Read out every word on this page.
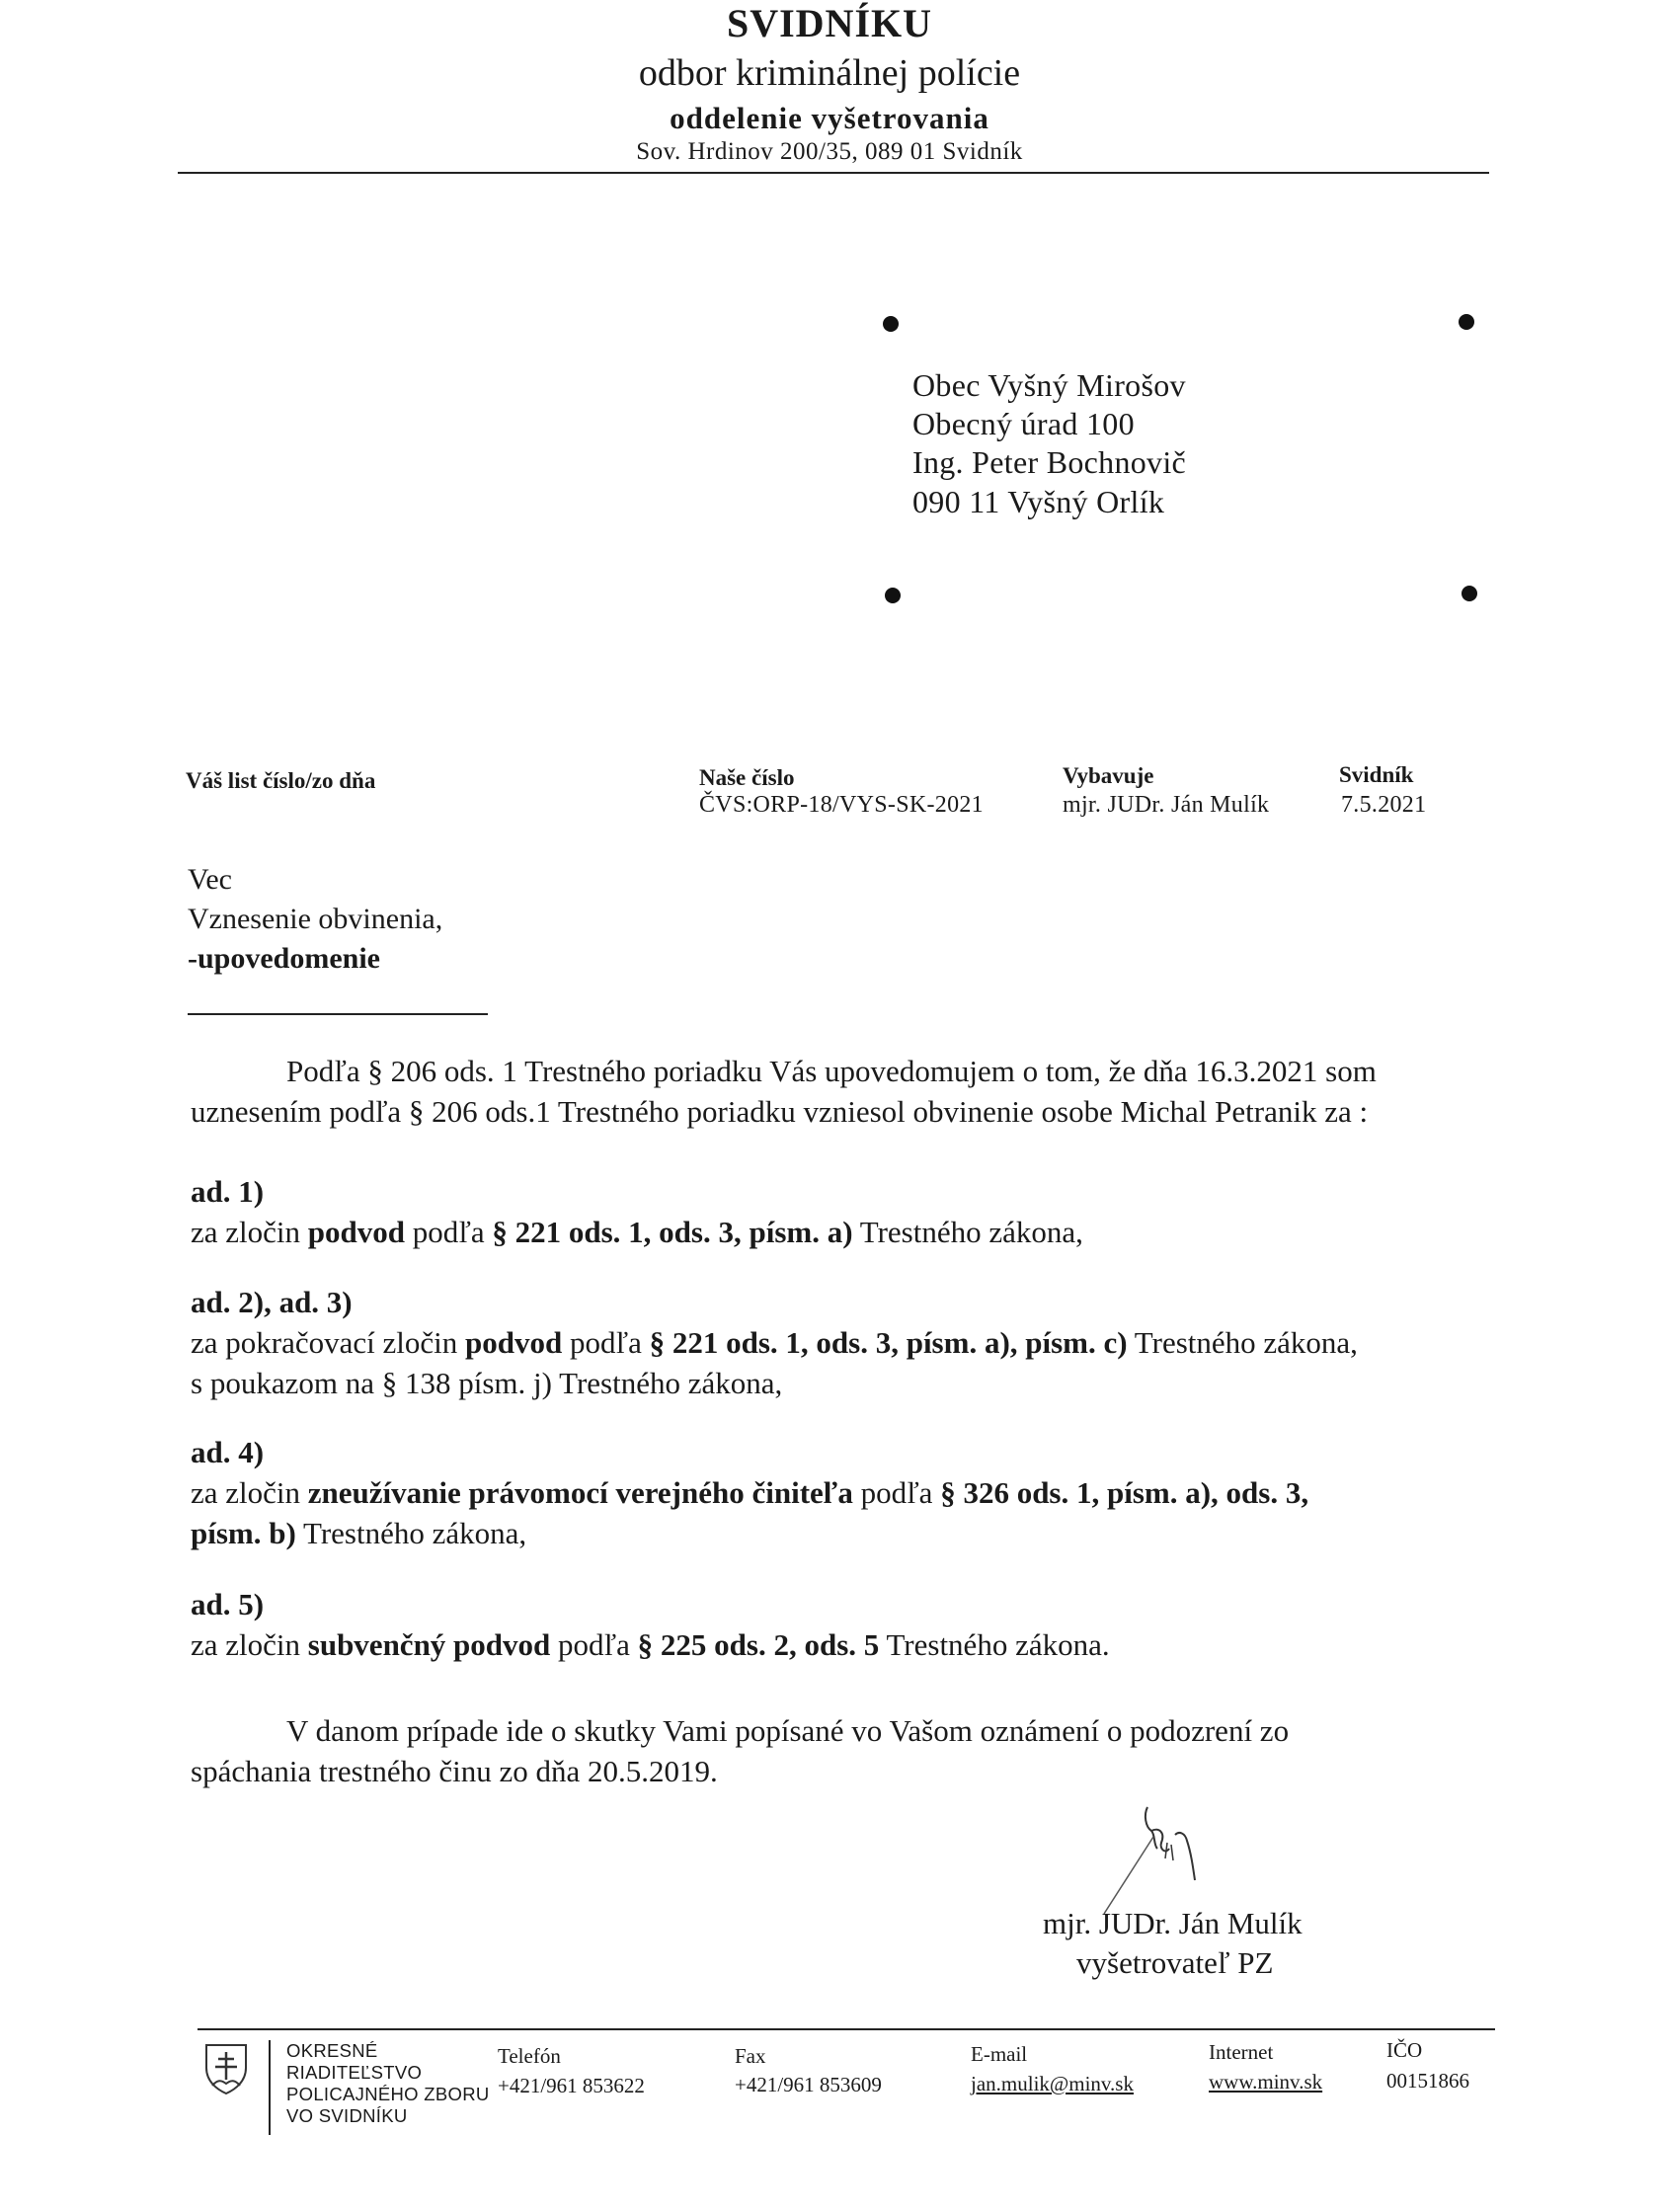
SVIDNÍKU
odbor kriminálnej polície
oddelenie vyšetrovania
Sov. Hrdinov 200/35, 089 01 Svidník
Obec Vyšný Mirošov
Obecný úrad 100
Ing. Peter Bochnovič
090 11 Vyšný Orlík
Váš list číslo/zo dňa	Naše číslo
ČVS:ORP-18/VYS-SK-2021
Vybavuje
mjr. JUDr. Ján Mulík
Svidník
7.5.2021
Vec
Vznesenie obvinenia,
-upovedomenie
Podľa § 206 ods. 1 Trestného poriadku Vás upovedomujem o tom, že dňa 16.3.2021 som
uznesením podľa § 206 ods.1 Trestného poriadku vzniesol obvinenie osobe Michal Petranik za :
ad. 1)
za zločin podvod podľa § 221 ods. 1, ods. 3, písm. a) Trestného zákona,
ad. 2), ad. 3)
za pokračovací zločin podvod podľa § 221 ods. 1, ods. 3, písm. a), písm. c) Trestného zákona,
s poukazom na § 138 písm. j) Trestného zákona,
ad. 4)
za zločin zneužívanie právomocí verejného činiteľa podľa § 326 ods. 1, písm. a), ods. 3,
písm. b) Trestného zákona,
ad. 5)
za zločin subvenčný podvod podľa § 225 ods. 2, ods. 5 Trestného zákona.
V danom prípade ide o skutky Vami popísané vo Vašom oznámení o podozrení zo
spáchania trestného činu zo dňa 20.5.2019.
mjr. JUDr. Ján Mulík
vyšetrovateľ PZ
OKRESNÉ
RIADITEĽSTVO
POLICAJNÉHO ZBORU
VO SVIDNÍKU
Telefón
+421/961 853622
Fax
+421/961 853609
E-mail
jan.mulik@minv.sk
Internet
www.minv.sk
IČO
00151866
